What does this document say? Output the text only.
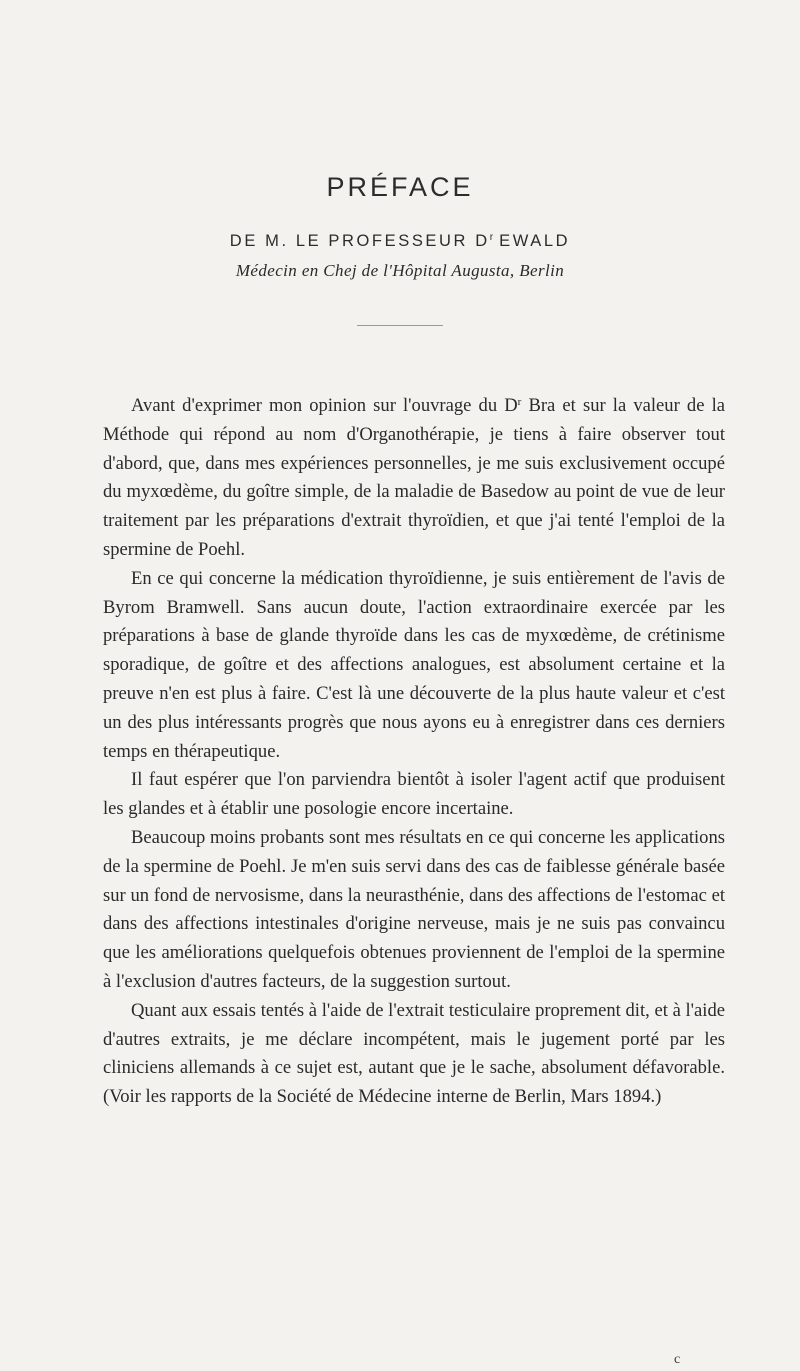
PRÉFACE
DE M. LE PROFESSEUR $D^r$ EWALD
Médecin en Chej de l'Hôpital Augusta, Berlin

Avant d'exprimer mon opinion sur l'ouvrage du $D^r$ Bra et sur la valeur de la Méthode qui répond au nom d'Organothérapie, je tiens à faire observer tout d'abord, que, dans mes expériences personnelles, je me suis exclusivement occupé du myxœdème, du goître simple, de la maladie de Basedow au point de vue de leur traitement par les préparations d'extrait thyroïdien, et que j'ai tenté l'emploi de la spermine de Poehl.

En ce qui concerne la médication thyroïdienne, je suis entièrement de l'avis de Byrom Bramwell. Sans aucun doute, l'action extraordinaire exercée par les préparations à base de glande thyroïde dans les cas de myxœdème, de crétinisme sporadique, de goître et des affections analogues, est absolument certaine et la preuve n'en est plus à faire. C'est là une découverte de la plus haute valeur et c'est un des plus intéressants progrès que nous ayons eu à enregistrer dans ces derniers temps en thérapeutique.

Il faut espérer que l'on parviendra bientôt à isoler l'agent actif que produisent les glandes et à établir une posologie encore incertaine.

Beaucoup moins probants sont mes résultats en ce qui concerne les applications de la spermine de Poehl. Je m'en suis servi dans des cas de faiblesse générale basée sur un fond de nervosisme, dans la neurasthénie, dans des affections de l'estomac et dans des affections intestinales d'origine nerveuse, mais je ne suis pas convaincu que les améliorations quelquefois obtenues proviennent de l'emploi de la spermine à l'exclusion d'autres facteurs, de la suggestion surtout.

Quant aux essais tentés à l'aide de l'extrait testiculaire proprement dit, et à l'aide d'autres extraits, je me déclare incompétent, mais le jugement porté par les cliniciens allemands à ce sujet est, autant que je le sache, absolument défavorable. (Voir les rapports de la Société de Médecine interne de Berlin, Mars 1894.)

c
